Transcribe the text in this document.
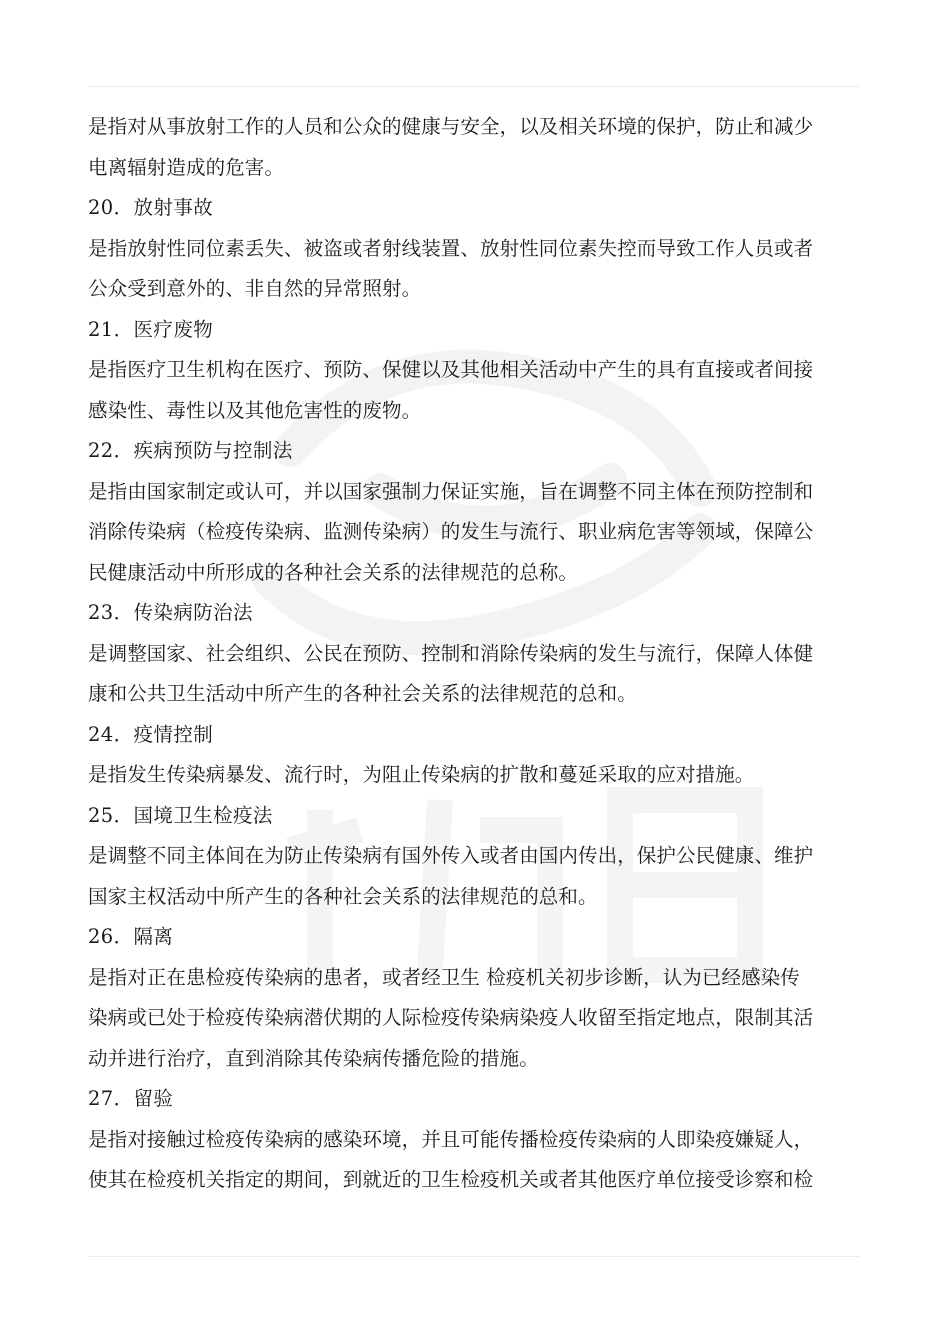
是指对从事放射工作的人员和公众的健康与安全，以及相关环境的保护，防止和减少
电离辐射造成的危害。
20．放射事故
是指放射性同位素丢失、被盗或者射线装置、放射性同位素失控而导致工作人员或者
公众受到意外的、非自然的异常照射。
21．医疗废物
是指医疗卫生机构在医疗、预防、保健以及其他相关活动中产生的具有直接或者间接
感染性、毒性以及其他危害性的废物。
22．疾病预防与控制法
是指由国家制定或认可，并以国家强制力保证实施，旨在调整不同主体在预防控制和
消除传染病（检疫传染病、监测传染病）的发生与流行、职业病危害等领域，保障公
民健康活动中所形成的各种社会关系的法律规范的总称。
23．传染病防治法
是调整国家、社会组织、公民在预防、控制和消除传染病的发生与流行，保障人体健
康和公共卫生活动中所产生的各种社会关系的法律规范的总和。
24．疫情控制
是指发生传染病暴发、流行时，为阻止传染病的扩散和蔓延采取的应对措施。
25．国境卫生检疫法
是调整不同主体间在为防止传染病有国外传入或者由国内传出，保护公民健康、维护
国家主权活动中所产生的各种社会关系的法律规范的总和。
26．隔离
是指对正在患检疫传染病的患者，或者经卫生 检疫机关初步诊断，认为已经感染传
染病或已处于检疫传染病潜伏期的人际检疫传染病染疫人收留至指定地点，限制其活
动并进行治疗，直到消除其传染病传播危险的措施。
27．留验
是指对接触过检疫传染病的感染环境，并且可能传播检疫传染病的人即染疫嫌疑人，
使其在检疫机关指定的期间，到就近的卫生检疫机关或者其他医疗单位接受诊察和检
